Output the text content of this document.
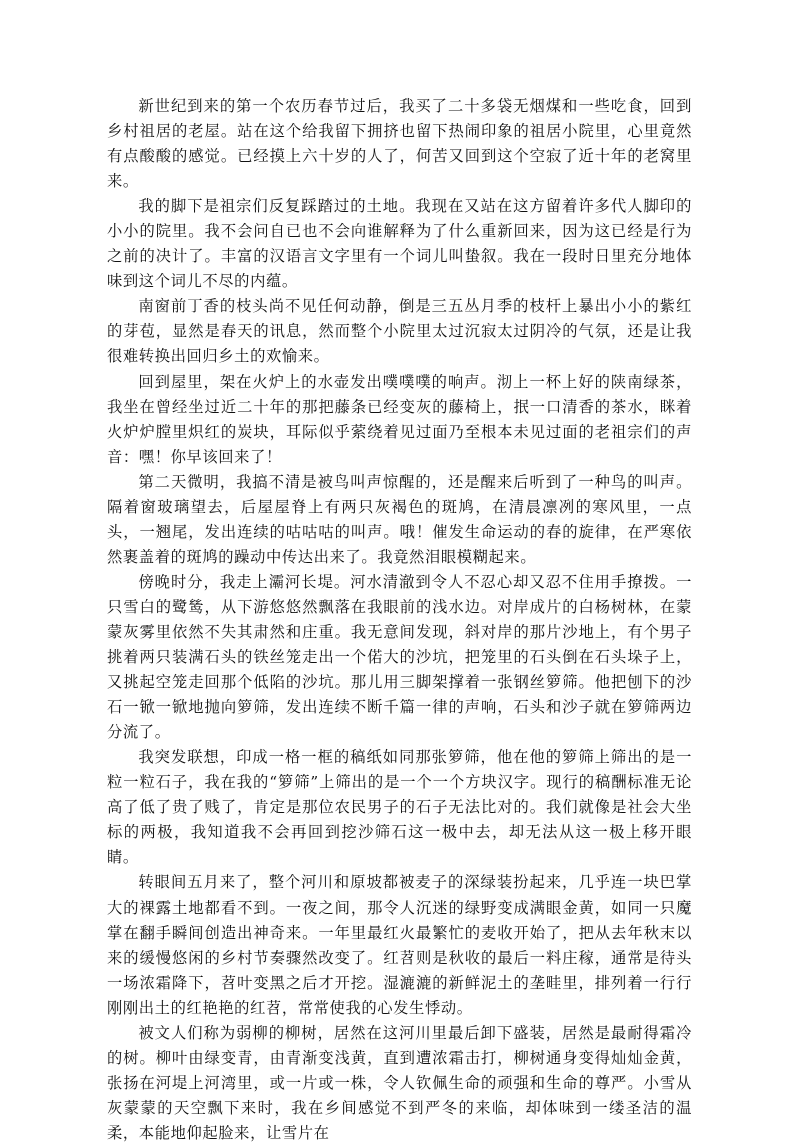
新世纪到来的第一个农历春节过后，我买了二十多袋无烟煤和一些吃食，回到乡村祖居的老屋。站在这个给我留下拥挤也留下热闹印象的祖居小院里，心里竟然有点酸酸的感觉。已经摸上六十岁的人了，何苦又回到这个空寂了近十年的老窝里来。

我的脚下是祖宗们反复踩踏过的土地。我现在又站在这方留着许多代人脚印的小小的院里。我不会问自已也不会向谁解释为了什么重新回来，因为这已经是行为之前的决计了。丰富的汉语言文字里有一个词儿叫蛰叙。我在一段时日里充分地体味到这个词儿不尽的内蕴。

南窗前丁香的枝头尚不见任何动静，倒是三五丛月季的枝杆上暴出小小的紫红的芽苞，显然是春天的讯息，然而整个小院里太过沉寂太过阴冷的气氛，还是让我很难转换出回归乡土的欢愉来。

回到屋里，架在火炉上的水壶发出噗噗噗的响声。沏上一杯上好的陕南绿茶，我坐在曾经坐过近二十年的那把藤条已经变灰的藤椅上，抿一口清香的茶水，眯着火炉炉膛里炽红的炭块，耳际似乎萦绕着见过面乃至根本未见过面的老祖宗们的声音：嘿！你早该回来了！

第二天微明，我搞不清是被鸟叫声惊醒的，还是醒来后听到了一种鸟的叫声。隔着窗玻璃望去，后屋屋脊上有两只灰褐色的斑鸠，在清晨凛冽的寒风里，一点头，一翘尾，发出连续的咕咕咕的叫声。哦！催发生命运动的春的旋律，在严寒依然裹盖着的斑鸠的躁动中传达出来了。我竟然泪眼模糊起来。

傍晚时分，我走上灞河长堤。河水清澈到令人不忍心却又忍不住用手撩拨。一只雪白的鹭鸶，从下游悠悠然飘落在我眼前的浅水边。对岸成片的白杨树林，在蒙蒙灰雾里依然不失其肃然和庄重。我无意间发现，斜对岸的那片沙地上，有个男子挑着两只装满石头的铁丝笼走出一个偌大的沙坑，把笼里的石头倒在石头垛子上，又挑起空笼走回那个低陷的沙坑。那儿用三脚架撑着一张钢丝箩筛。他把刨下的沙石一锨一锨地抛向箩筛，发出连续不断千篇一律的声响，石头和沙子就在箩筛两边分流了。

我突发联想，印成一格一框的稿纸如同那张箩筛，他在他的箩筛上筛出的是一粒一粒石子，我在我的“箩筛”上筛出的是一个一个方块汉字。现行的稿酬标准无论高了低了贵了贱了，肯定是那位农民男子的石子无法比对的。我们就像是社会大坐标的两极，我知道我不会再回到挖沙筛石这一极中去，却无法从这一极上移开眼睛。

转眼间五月来了，整个河川和原坡都被麦子的深绿装扮起来，几乎连一块巴掌大的裸露土地都看不到。一夜之间，那令人沉迷的绿野变成满眼金黄，如同一只魔掌在翻手瞬间创造出神奇来。一年里最红火最繁忙的麦收开始了，把从去年秋末以来的缓慢悠闲的乡村节奏骤然改变了。红苕则是秋收的最后一料庄稼，通常是待头一场浓霜降下，苕叶变黑之后才开挖。湿漉漉的新鲜泥土的垄畦里，排列着一行行刚刚出土的红艳艳的红苕，常常使我的心发生悸动。

被文人们称为弱柳的柳树，居然在这河川里最后卸下盛装，居然是最耐得霜冷的树。柳叶由绿变青，由青渐变浅黄，直到遭浓霜击打，柳树通身变得灿灿金黄，张扬在河堤上河湾里，或一片或一株，令人钦佩生命的顽强和生命的尊严。小雪从灰蒙蒙的天空飘下来时，我在乡间感觉不到严冬的来临，却体味到一缕圣洁的温柔，本能地仰起脸来，让雪片在
